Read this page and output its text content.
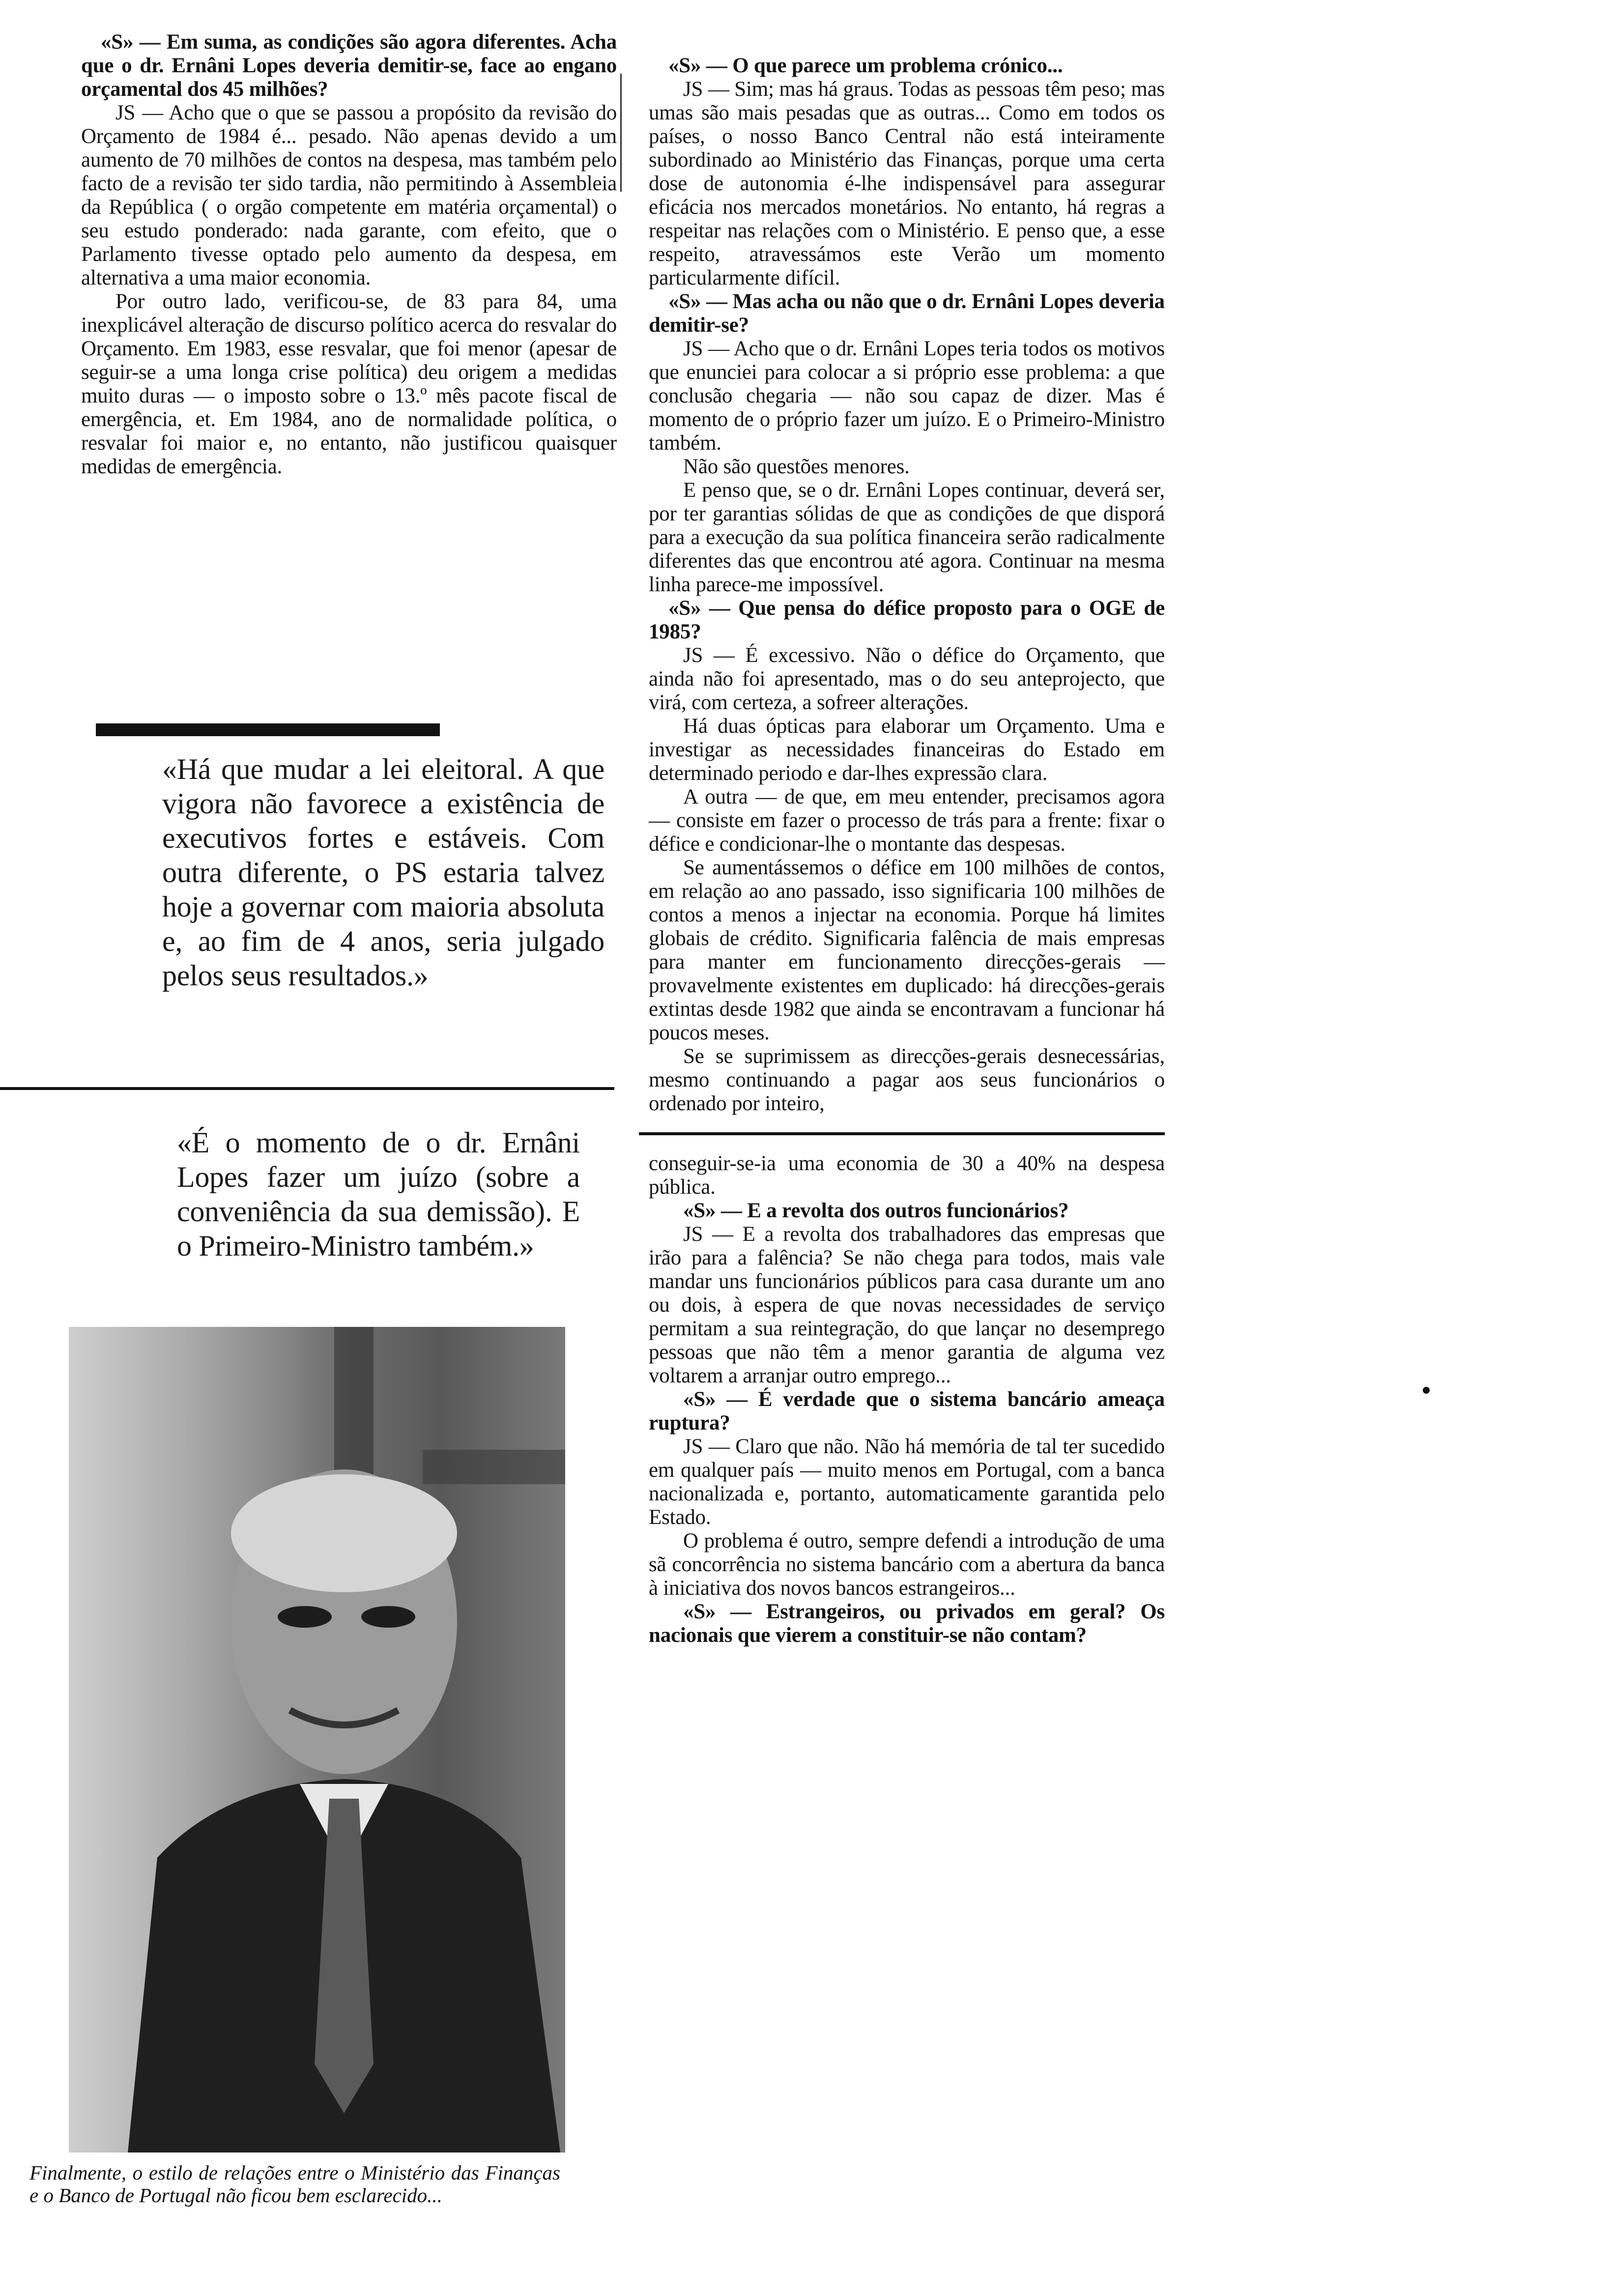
«S» — Em suma, as condições são agora diferentes. Acha que o dr. Ernâni Lopes deveria demitir-se, face ao engano orçamental dos 45 milhões?

JS — Acho que o que se passou a propósito da revisão do Orçamento de 1984 é... pesado. Não apenas devido a um aumento de 70 milhões de contos na despesa, mas também pelo facto de a revisão ter sido tardia, não permitindo à Assembleia da República ( o orgão competente em matéria orçamental) o seu estudo ponderado: nada garante, com efeito, que o Parlamento tivesse optado pelo aumento da despesa, em alternativa a uma maior economia.

Por outro lado, verificou-se, de 83 para 84, uma inexplicável alteração de discurso político acerca do resvalar do Orçamento. Em 1983, esse resvalar, que foi menor (apesar de seguir-se a uma longa crise política) deu origem a medidas muito duras — o imposto sobre o 13.º mês pacote fiscal de emergência, et. Em 1984, ano de normalidade política, o resvalar foi maior e, no entanto, não justificou quaisquer medidas de emergência.

«Há que mudar a lei eleitoral. A que vigora não favorece a existência de executivos fortes e estáveis. Com outra diferente, o PS estaria talvez hoje a governar com maioria absoluta e, ao fim de 4 anos, seria julgado pelos seus resultados.»

«É o momento de o dr. Ernâni Lopes fazer um juízo (sobre a conveniência da sua demissão). E o Primeiro-Ministro também.»

Finalmente, o estilo de relações entre o Ministério das Finanças e o Banco de Portugal não ficou bem esclarecido...

«S» — O que parece um problema crónico...

JS — Sim; mas há graus. Todas as pessoas têm peso; mas umas são mais pesadas que as outras... Como em todos os países, o nosso Banco Central não está inteiramente subordinado ao Ministério das Finanças, porque uma certa dose de autonomia é-lhe indispensável para assegurar eficácia nos mercados monetários. No entanto, há regras a respeitar nas relações com o Ministério. E penso que, a esse respeito, atravessámos este Verão um momento particularmente difícil.

«S» — Mas acha ou não que o dr. Ernâni Lopes deveria demitir-se?

JS — Acho que o dr. Ernâni Lopes teria todos os motivos que enunciei para colocar a si próprio esse problema: a que conclusão chegaria — não sou capaz de dizer. Mas é momento de o próprio fazer um juízo. E o Primeiro-Ministro também.

Não são questões menores.

E penso que, se o dr. Ernâni Lopes continuar, deverá ser, por ter garantias sólidas de que as condições de que disporá para a execução da sua política financeira serão radicalmente diferentes das que encontrou até agora. Continuar na mesma linha parece-me impossível.

«S» — Que pensa do défice proposto para o OGE de 1985?

JS — É excessivo. Não o défice do Orçamento, que ainda não foi apresentado, mas o do seu anteprojecto, que virá, com certeza, a sofreer alterações.

Há duas ópticas para elaborar um Orçamento. Uma e investigar as necessidades financeiras do Estado em determinado periodo e dar-lhes expressão clara.

A outra — de que, em meu entender, precisamos agora — consiste em fazer o processo de trás para a frente: fixar o défice e condicionar-lhe o montante das despesas.

Se aumentássemos o défice em 100 milhões de contos, em relação ao ano passado, isso significaria 100 milhões de contos a menos a injectar na economia. Porque há limites globais de crédito. Significaria falência de mais empresas para manter em funcionamento direcções-gerais — provavelmente existentes em duplicado: há direcções-gerais extintas desde 1982 que ainda se encontravam a funcionar há poucos meses.

Se se suprimissem as direcções-gerais desnecessárias, mesmo continuando a pagar aos seus funcionários o ordenado por inteiro,

conseguir-se-ia uma economia de 30 a 40% na despesa pública.

«S» — E a revolta dos outros funcionários?

JS — E a revolta dos trabalhadores das empresas que irão para a falência? Se não chega para todos, mais vale mandar uns funcionários públicos para casa durante um ano ou dois, à espera de que novas necessidades de serviço permitam a sua reintegração, do que lançar no desemprego pessoas que não têm a menor garantia de alguma vez voltarem a arranjar outro emprego...

«S» — É verdade que o sistema bancário ameaça ruptura?

JS — Claro que não. Não há memória de tal ter sucedido em qualquer país — muito menos em Portugal, com a banca nacionalizada e, portanto, automaticamente garantida pelo Estado.

O problema é outro, sempre defendi a introdução de uma sã concorrência no sistema bancário com a abertura da banca à iniciativa dos novos bancos estrangeiros...

«S» — Estrangeiros, ou privados em geral? Os nacionais que vierem a constituir-se não contam?
